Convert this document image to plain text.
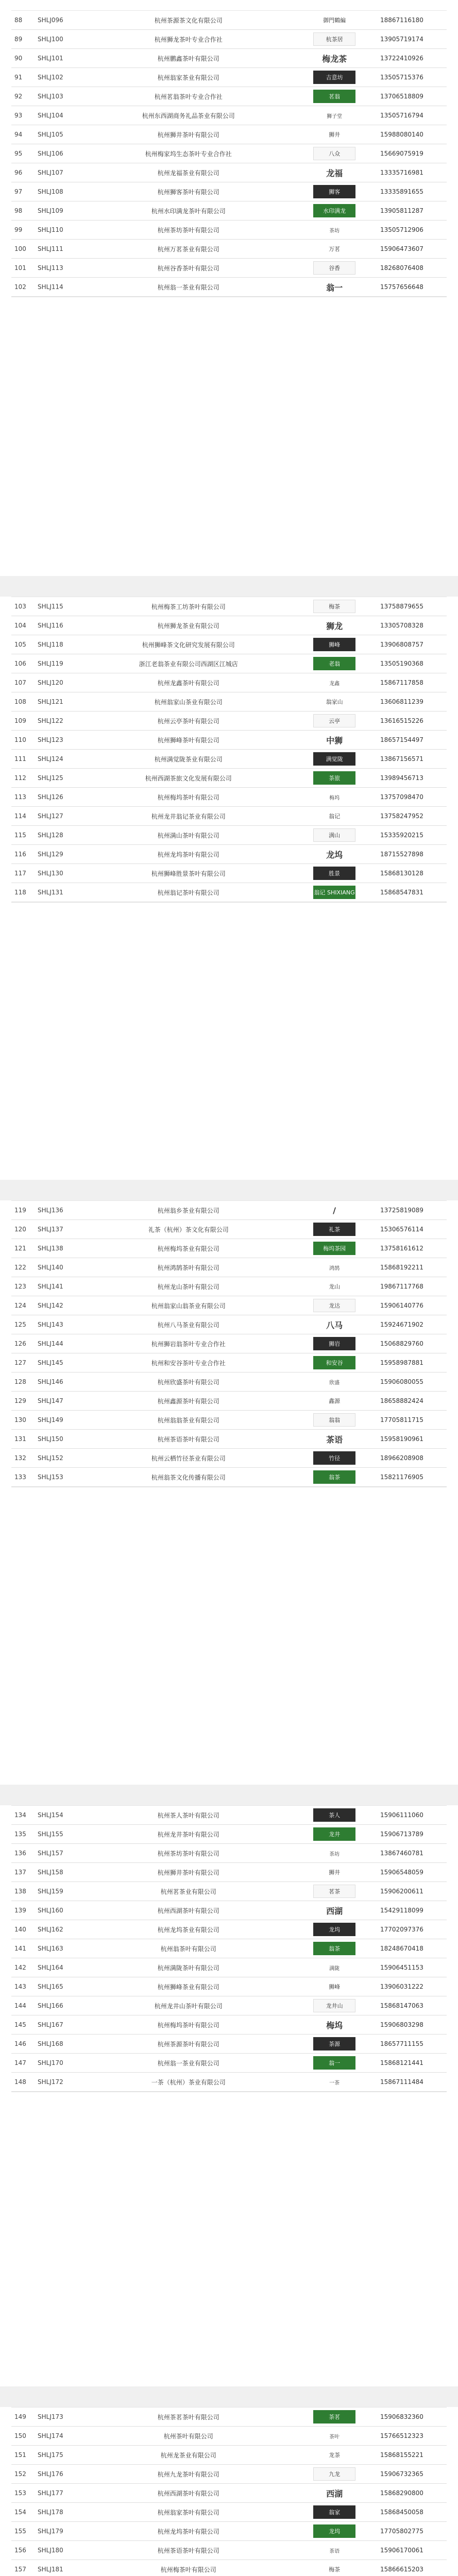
88	SHLJ096	杭州茶源茶文化有限公司	御門鶴編	18867116180
89	SHLJ100	杭州狮龙茶叶专业合作社	杭茶居	13905719174
90	SHLJ101	杭州鹏鑫茶叶有限公司	梅龙茶	13722410926
91	SHLJ102	杭州翁家茶业有限公司	吉意坊	13505715376
92	SHLJ103	杭州茗翁茶叶专业合作社	茗翁	13706518809
93	SHLJ104	杭州东西湖商务礼品茶业有限公司	狮子堂	13505716794
94	SHLJ105	杭州狮井茶叶有限公司	狮井	15988080140
95	SHLJ106	杭州梅家坞生态茶叶专业合作社	八众	15669075919
96	SHLJ107	杭州龙福茶业有限公司	龙福	13335716981
97	SHLJ108	杭州狮客茶叶有限公司	狮客	13335891655
98	SHLJ109	杭州水印满龙茶叶有限公司	水印满龙	13905811287
99	SHLJ110	杭州茶坊茶叶有限公司	茶坊	13505712906
100	SHLJ111	杭州万茗茶业有限公司	万茗	15906473607
101	SHLJ113	杭州谷香茶叶有限公司	谷香	18268076408
102	SHLJ114	杭州翁一茶业有限公司	翁一	15757656648
103	SHLJ115	杭州梅茶工坊茶叶有限公司	梅茶	13758879655
104	SHLJ116	杭州狮龙茶业有限公司	狮龙	13305708328
105	SHLJ118	杭州狮峰茶文化研究发展有限公司	狮峰	13906808757
106	SHLJ119	浙江老翁茶业有限公司西湖区江城店	老翁	13505190368
107	SHLJ120	杭州龙鑫茶叶有限公司	龙鑫	15867117858
108	SHLJ121	杭州翁家山茶业有限公司	翁家山	13606811239
109	SHLJ122	杭州云亭茶叶有限公司	云亭	13616515226
110	SHLJ123	杭州狮峰茶叶有限公司	中狮	18657154497
111	SHLJ124	杭州满觉陇茶业有限公司	满觉陇	13867156571
112	SHLJ125	杭州西湖茶旅文化发展有限公司	茶旅	13989456713
113	SHLJ126	杭州梅坞茶叶有限公司	梅坞	13757098470
114	SHLJ127	杭州龙井翁记茶业有限公司	翁记	13758247952
115	SHLJ128	杭州满山茶叶有限公司	满山	15335920215
116	SHLJ129	杭州龙坞茶叶有限公司	龙坞	18715527898
117	SHLJ130	杭州狮峰胜景茶叶有限公司	胜景	15868130128
118	SHLJ131	杭州翁记茶叶有限公司	翁记 SHIXIANG	15868547831
119	SHLJ136	杭州翁乡茶业有限公司	/	13725819089
120	SHLJ137	礼茶（杭州）茶文化有限公司	礼茶	15306576114
121	SHLJ138	杭州梅坞茶业有限公司	梅坞茶园	13758161612
122	SHLJ140	杭州鸿鹄茶叶有限公司	鸿鹄	15868192211
123	SHLJ141	杭州龙山茶叶有限公司	龙山	19867117768
124	SHLJ142	杭州翁家山翁茶业有限公司	龙达	15906140776
125	SHLJ143	杭州八马茶业有限公司	八马	15924671902
126	SHLJ144	杭州狮岩翁茶叶专业合作社	狮岩	15068829760
127	SHLJ145	杭州和安谷茶叶专业合作社	和安谷	15958987881
128	SHLJ146	杭州欣盛茶叶有限公司	欣盛	15906080055
129	SHLJ147	杭州鑫源茶叶有限公司	鑫源	18658882424
130	SHLJ149	杭州翁翁茶业有限公司	翁翁	17705811715
131	SHLJ150	杭州茶语茶叶有限公司	茶语	15958190961
132	SHLJ152	杭州云栖竹径茶业有限公司	竹径	18966208908
133	SHLJ153	杭州翁茶文化传播有限公司	翁茶	15821176905
134	SHLJ154	杭州茶人茶叶有限公司	茶人	15906111060
135	SHLJ155	杭州龙井茶叶有限公司	龙井	15906713789
136	SHLJ157	杭州茶坊茶叶有限公司	茶坊	13867460781
137	SHLJ158	杭州狮井茶叶有限公司	狮井	15906548059
138	SHLJ159	杭州茗茶业有限公司	茗茶	15906200611
139	SHLJ160	杭州西湖茶叶有限公司	西湖	15429118099
140	SHLJ162	杭州龙坞茶业有限公司	龙坞	17702097376
141	SHLJ163	杭州翁茶叶有限公司	翁茶	18248670418
142	SHLJ164	杭州满陇茶叶有限公司	满陇	15906451153
143	SHLJ165	杭州狮峰茶业有限公司	狮峰	13906031222
144	SHLJ166	杭州龙井山茶叶有限公司	龙井山	15868147063
145	SHLJ167	杭州梅坞茶叶有限公司	梅坞	15906803298
146	SHLJ168	杭州茶源茶叶有限公司	茶源	18657711155
147	SHLJ170	杭州翁一茶业有限公司	翁一	15868121441
148	SHLJ172	一茶（杭州）茶业有限公司	一茶	15867111484
149	SHLJ173	杭州茶茗茶叶有限公司	茶茗	15906832360
150	SHLJ174	杭州茶叶有限公司	茶叶	15766512323
151	SHLJ175	杭州龙茶业有限公司	龙茶	15868155221
152	SHLJ176	杭州九龙茶叶有限公司	九龙	15906732365
153	SHLJ177	杭州西湖茶叶有限公司	西湖	15868290800
154	SHLJ178	杭州翁家茶叶有限公司	翁家	15868450058
155	SHLJ179	杭州龙坞茶叶有限公司	龙坞	17705802775
156	SHLJ180	杭州茶语茶叶有限公司	茶语	15906170061
157	SHLJ181	杭州梅茶叶有限公司	梅茶	15866615203
